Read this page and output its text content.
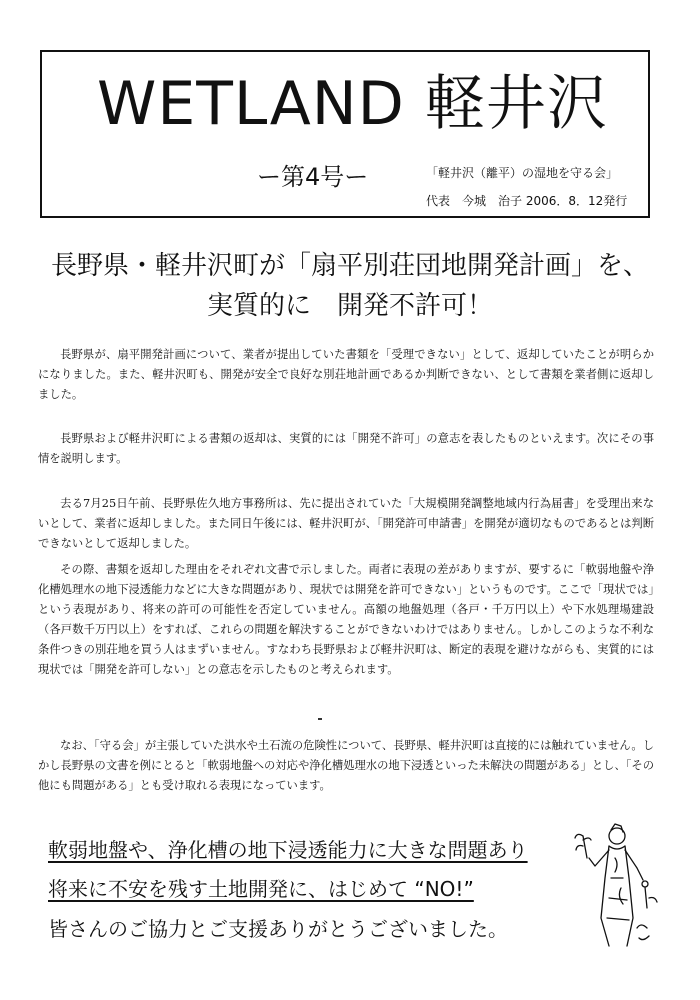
WETLAND 軽井沢
ー第4号ー	「軽井沢（離平）の湿地を守る会」
代表　今城　治子 2006．8．12発行
長野県・軽井沢町が「扇平別荘団地開発計画」を、
実質的に　開発不許可！
長野県が、扇平開発計画について、業者が提出していた書類を「受理できない」として、返却していたことが明らかになりました。また、軽井沢町も、開発が安全で良好な別荘地計画であるか判断できない、として書類を業者側に返却しました。
長野県および軽井沢町による書類の返却は、実質的には「開発不許可」の意志を表したものといえます。次にその事情を説明します。
去る7月25日午前、長野県佐久地方事務所は、先に提出されていた「大規模開発調整地域内行為届書」を受理出来ないとして、業者に返却しました。また同日午後には、軽井沢町が、「開発許可申請書」を開発が適切なものであるとは判断できないとして返却しました。
その際、書類を返却した理由をそれぞれ文書で示しました。両者に表現の差がありますが、要するに「軟弱地盤や浄化槽処理水の地下浸透能力などに大きな問題があり、現状では開発を許可できない」というものです。ここで「現状では」という表現があり、将来の許可の可能性を否定していません。高額の地盤処理（各戸・千万円以上）や下水処理場建設（各戸数千万円以上）をすれば、これらの問題を解決することができないわけではありません。しかしこのような不利な条件つきの別荘地を買う人はまずいません。すなわち長野県および軽井沢町は、断定的表現を避けながらも、実質的には現状では「開発を許可しない」との意志を示したものと考えられます。
なお、「守る会」が主張していた洪水や土石流の危険性について、長野県、軽井沢町は直接的には触れていません。しかし長野県の文書を例にとると「軟弱地盤への対応や浄化槽処理水の地下浸透といった未解決の問題がある」とし、「その他にも問題がある」とも受け取れる表現になっています。
軟弱地盤や、浄化槽の地下浸透能力に大きな問題あり
将来に不安を残す土地開発に、はじめて “NO!”
皆さんのご協力とご支援ありがとうございました。
